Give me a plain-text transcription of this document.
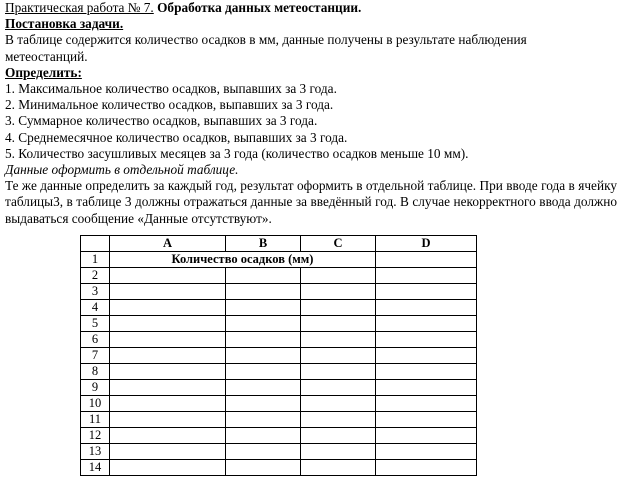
Практическая работа № 7. Обработка данных метеостанции.
Постановка задачи.
В таблице содержится количество осадков в мм, данные получены в результате наблюдения
метеостанций.
Определить:
1. Максимальное количество осадков, выпавших за 3 года.
2. Минимальное количество осадков, выпавших за 3 года.
3. Суммарное количество осадков, выпавших за 3 года.
4. Среднемесячное количество осадков, выпавших за 3 года.
5. Количество засушливых месяцев за 3 года (количество осадков меньше 10 мм).
Данные оформить в отдельной таблице.
Те же данные определить за каждый год, результат оформить в отдельной таблице. При вводе года в ячейку таблицы3, в таблице 3 должны отражаться данные за введённый год. В случае некорректного ввода должно выдаваться сообщение «Данные отсутствуют».
	A	B	C	D
1	Количество осадков (мм)			
2				
3				
4				
5				
6				
7				
8				
9				
10				
11				
12				
13				
14				
